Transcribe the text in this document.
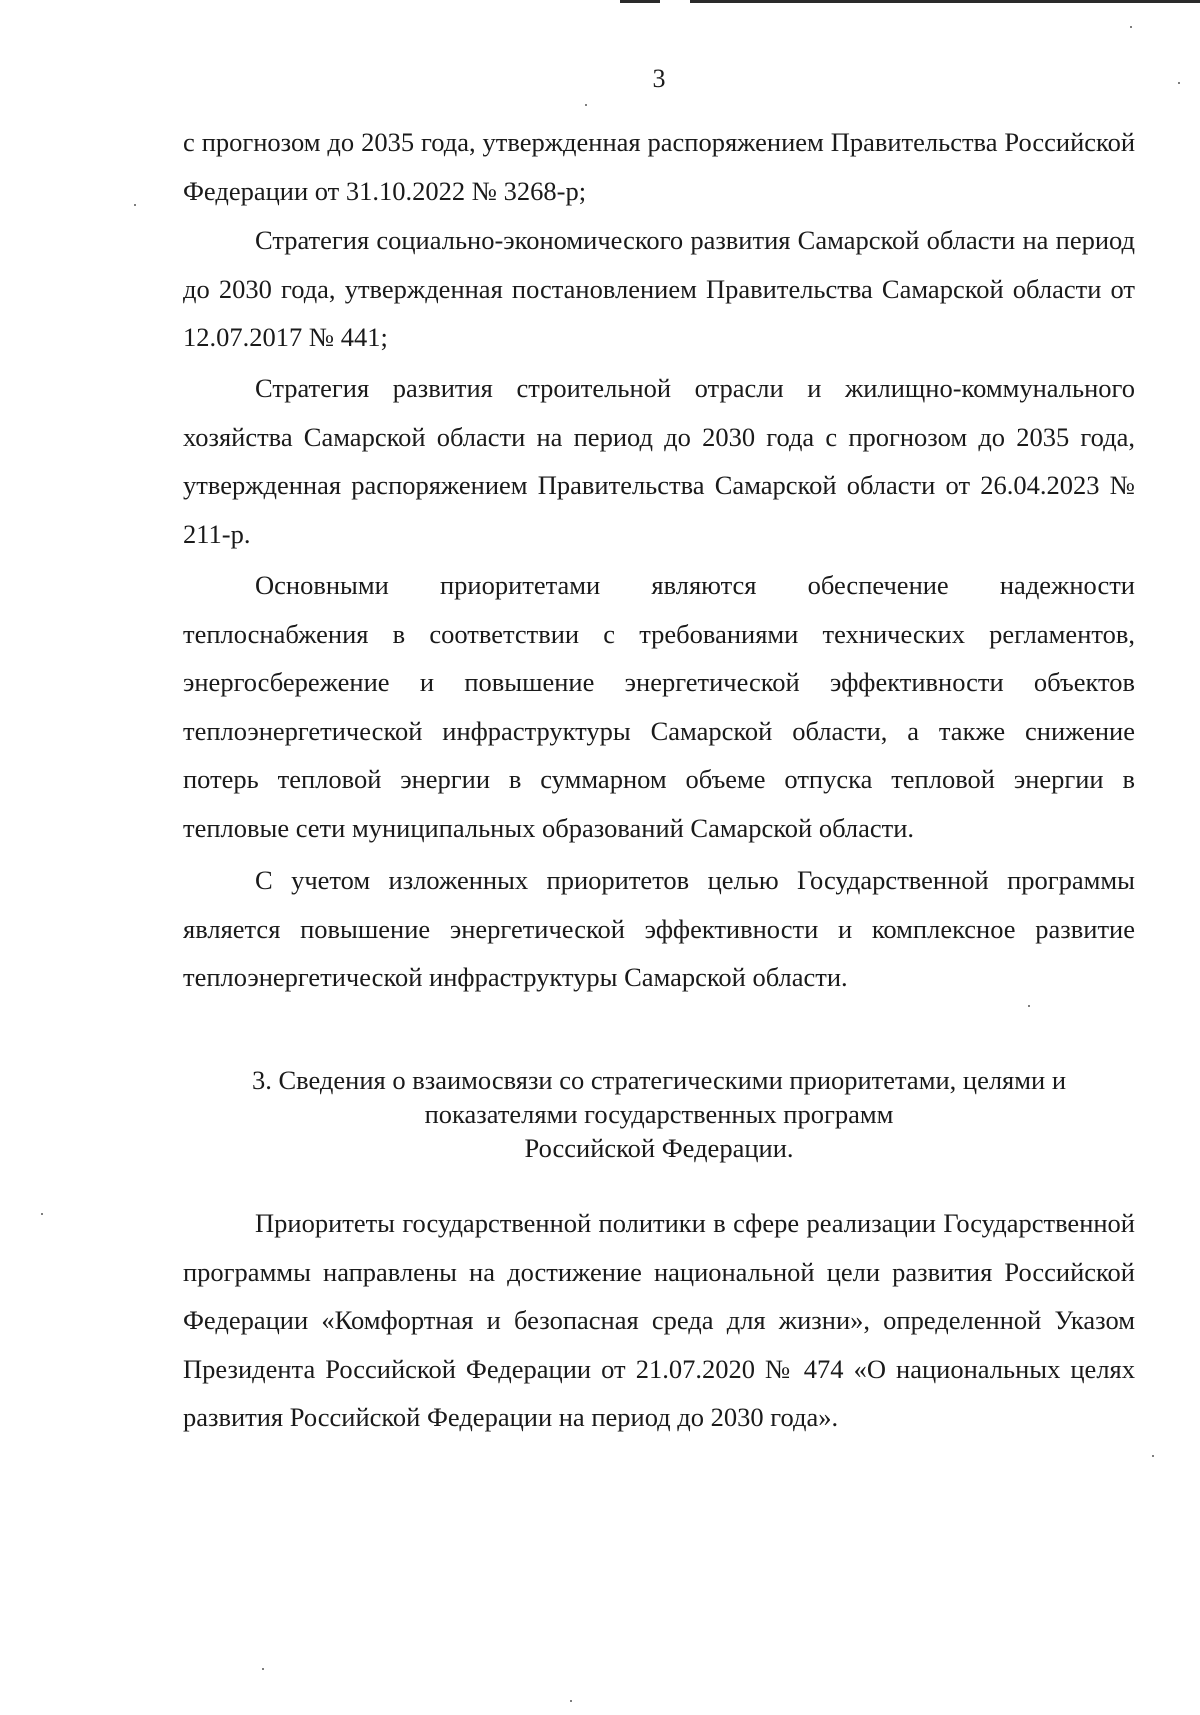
3

с прогнозом до 2035 года, утвержденная распоряжением Правительства Российской Федерации от 31.10.2022 № 3268-р;

Стратегия социально-экономического развития Самарской области на период до 2030 года, утвержденная постановлением Правительства Самарской области от 12.07.2017 № 441;

Стратегия развития строительной отрасли и жилищно-коммунального хозяйства Самарской области на период до 2030 года с прогнозом до 2035 года, утвержденная распоряжением Правительства Самарской области от 26.04.2023 № 211-р.

Основными приоритетами являются обеспечение надежности теплоснабжения в соответствии с требованиями технических регламентов, энергосбережение и повышение энергетической эффективности объектов теплоэнергетической инфраструктуры Самарской области, а также снижение потерь тепловой энергии в суммарном объеме отпуска тепловой энергии в тепловые сети муниципальных образований Самарской области.

С учетом изложенных приоритетов целью Государственной программы является повышение энергетической эффективности и комплексное развитие теплоэнергетической инфраструктуры Самарской области.

3. Сведения о взаимосвязи со стратегическими приоритетами, целями и
показателями государственных программ
Российской Федерации.

Приоритеты государственной политики в сфере реализации Государственной программы направлены на достижение национальной цели развития Российской Федерации «Комфортная и безопасная среда для жизни», определенной Указом Президента Российской Федерации от 21.07.2020 № 474 «О национальных целях развития Российской Федерации на период до 2030 года».
